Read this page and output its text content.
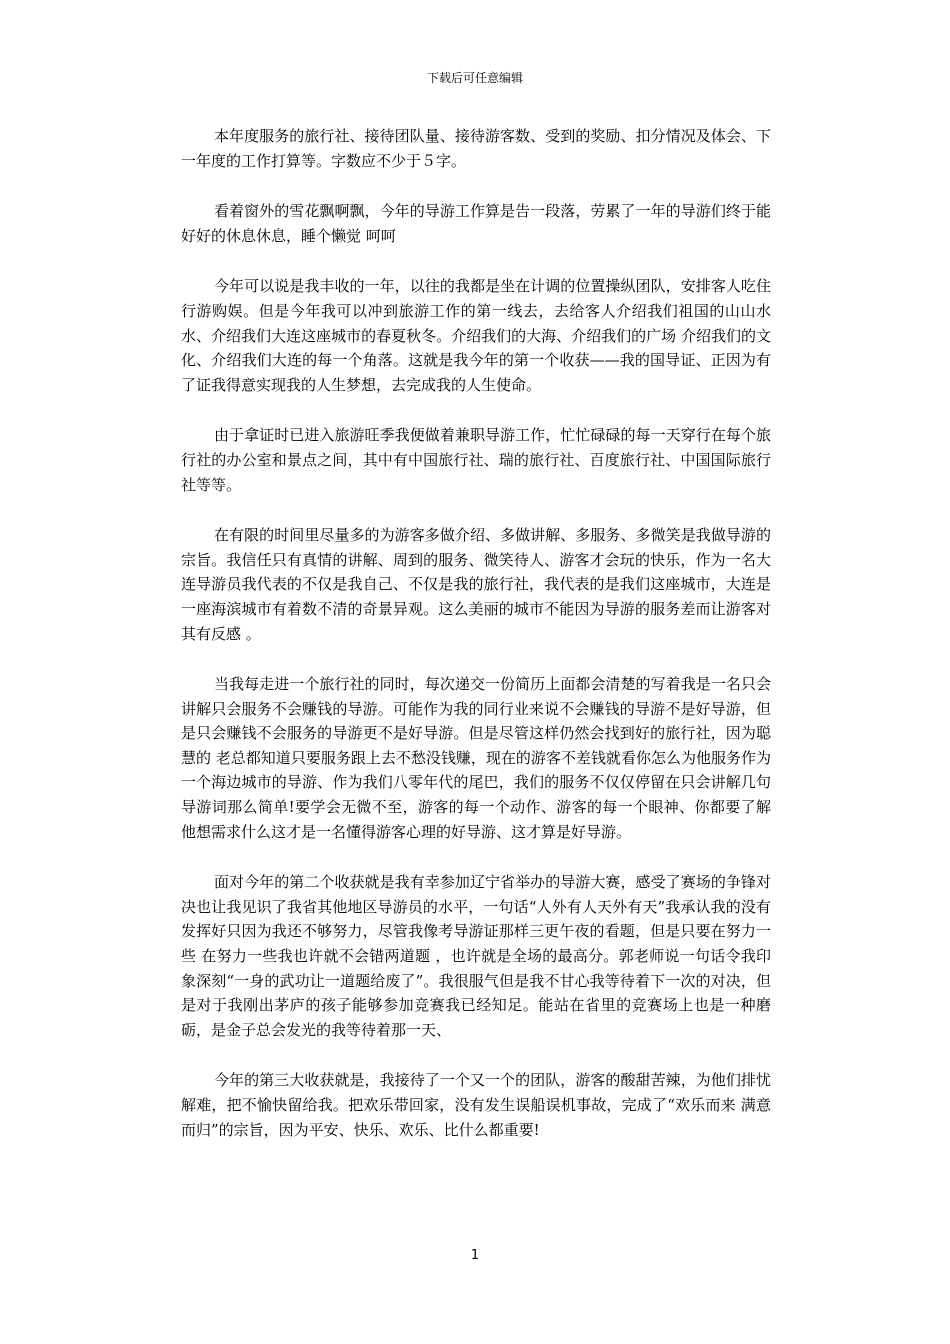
下载后可任意编辑

本年度服务的旅行社、接待团队量、接待游客数、受到的奖励、扣分情况及体会、下一年度的工作打算等。字数应不少于５字。

看着窗外的雪花飘啊飘，今年的导游工作算是告一段落，劳累了一年的导游们终于能好好的休息休息，睡个懒觉 呵呵

今年可以说是我丰收的一年，以往的我都是坐在计调的位置操纵团队，安排客人吃住行游购娱。但是今年我可以冲到旅游工作的第一线去，去给客人介绍我们祖国的山山水水、介绍我们大连这座城市的春夏秋冬。介绍我们的大海、介绍我们的广场 介绍我们的文化、介绍我们大连的每一个角落。这就是我今年的第一个收获——我的国导证、正因为有了证我得意实现我的人生梦想，去完成我的人生使命。

由于拿证时已进入旅游旺季我便做着兼职导游工作，忙忙碌碌的每一天穿行在每个旅行社的办公室和景点之间，其中有中国旅行社、瑞的旅行社、百度旅行社、中国国际旅行社等等。

在有限的时间里尽量多的为游客多做介绍、多做讲解、多服务、多微笑是我做导游的宗旨。我信任只有真情的讲解、周到的服务、微笑待人、游客才会玩的快乐，作为一名大连导游员我代表的不仅是我自己、不仅是我的旅行社，我代表的是我们这座城市，大连是一座海滨城市有着数不清的奇景异观。这么美丽的城市不能因为导游的服务差而让游客对其有反感 。

当我每走进一个旅行社的同时，每次递交一份简历上面都会清楚的写着我是一名只会讲解只会服务不会赚钱的导游。可能作为我的同行业来说不会赚钱的导游不是好导游，但是只会赚钱不会服务的导游更不是好导游。但是尽管这样仍然会找到好的旅行社，因为聪慧的 老总都知道只要服务跟上去不愁没钱赚，现在的游客不差钱就看你怎么为他服务作为一个海边城市的导游、作为我们八零年代的尾巴，我们的服务不仅仅停留在只会讲解几句导游词那么简单!要学会无微不至，游客的每一个动作、游客的每一个眼神、你都要了解他想需求什么这才是一名懂得游客心理的好导游、这才算是好导游。

面对今年的第二个收获就是我有幸参加辽宁省举办的导游大赛，感受了赛场的争锋对决也让我见识了我省其他地区导游员的水平，一句话“人外有人天外有天”我承认我的没有发挥好只因为我还不够努力，尽管我像考导游证那样三更午夜的看题，但是只要在努力一些 在努力一些我也许就不会错两道题 ，也许就是全场的最高分。郭老师说一句话令我印象深刻“一身的武功让一道题给废了”。我很服气但是我不甘心我等待着下一次的对决，但是对于我刚出茅庐的孩子能够参加竞赛我已经知足。能站在省里的竞赛场上也是一种磨砺，是金子总会发光的我等待着那一天、

今年的第三大收获就是，我接待了一个又一个的团队，游客的酸甜苦辣，为他们排忧解难，把不愉快留给我。把欢乐带回家，没有发生误船误机事故，完成了“欢乐而来 满意而归”的宗旨，因为平安、快乐、欢乐、比什么都重要!

1
